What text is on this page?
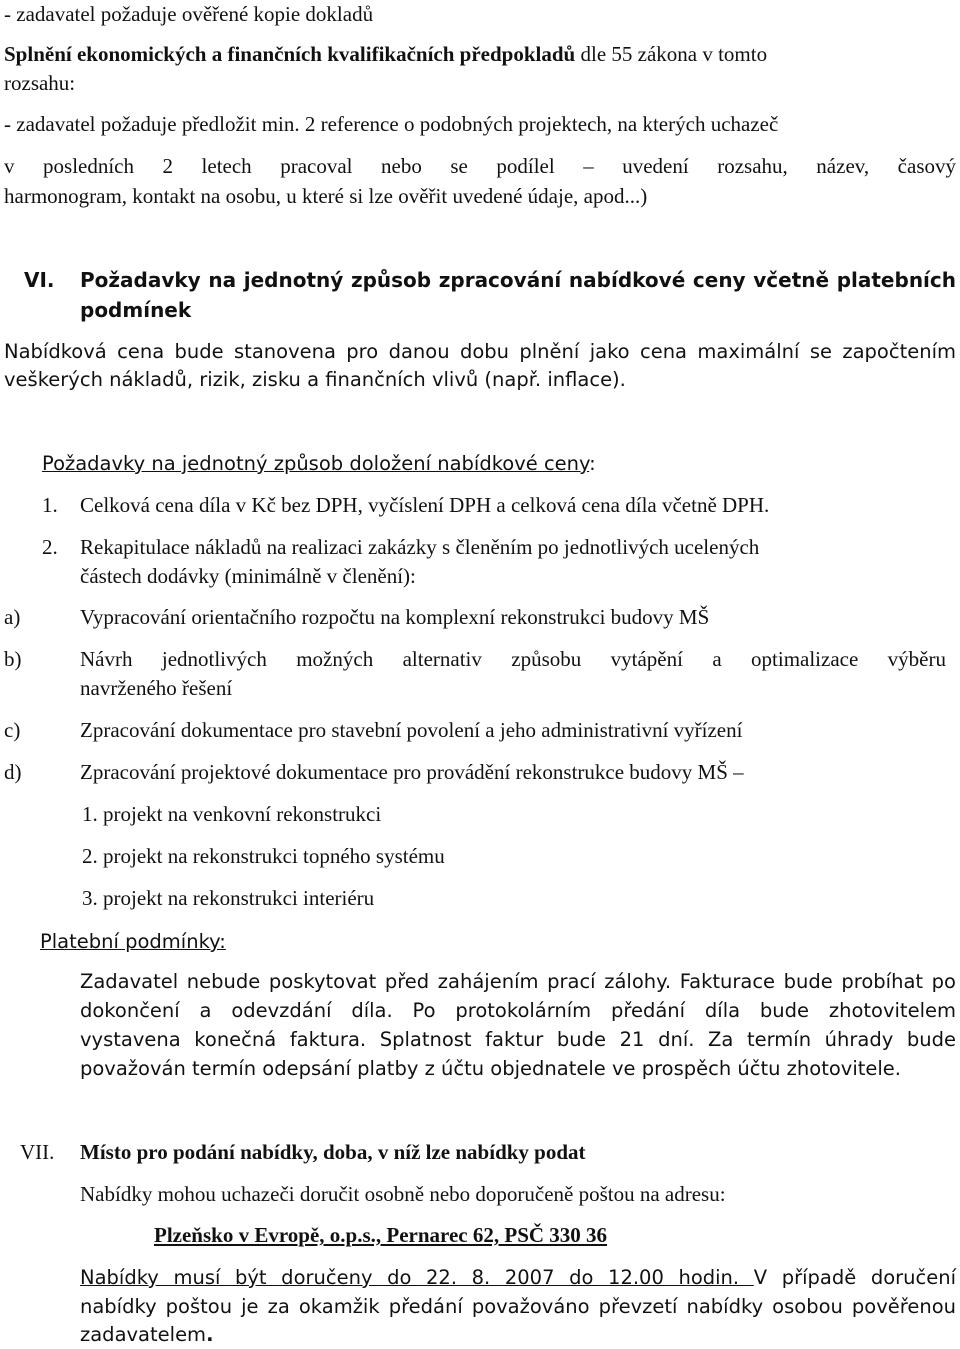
- zadavatel požaduje ověřené kopie dokladů
Splnění ekonomických a finančních kvalifikačních předpokladů dle 55 zákona v tomto
rozsahu:
- zadavatel požaduje předložit min. 2 reference o podobných projektech, na kterých uchazeč
v posledních 2 letech pracoval nebo se podílel – uvedení rozsahu, název, časový
harmonogram, kontakt na osobu, u které si lze ověřit uvedené údaje, apod...)
VI. Požadavky na jednotný způsob zpracování nabídkové ceny včetně platebních
podmínek
Nabídková cena bude stanovena pro danou dobu plnění jako cena maximální se započtením
veškerých nákladů, rizik, zisku a finančních vlivů (např. inflace).
Požadavky na jednotný způsob doložení nabídkové ceny:
1. Celková cena díla v Kč bez DPH, vyčíslení DPH a celková cena díla včetně DPH.
2. Rekapitulace nákladů na realizaci zakázky s členěním po jednotlivých ucelených
částech dodávky (minimálně v členění):
a)	Vypracování orientačního rozpočtu na komplexní rekonstrukci budovy MŠ
b)	Návrh jednotlivých možných alternativ způsobu vytápění a optimalizace výběru
navrženého řešení
c)	Zpracování dokumentace pro stavební povolení a jeho administrativní vyřízení
d)	Zpracování projektové dokumentace pro provádění rekonstrukce budovy MŠ –
1. projekt na venkovní rekonstrukci
2. projekt na rekonstrukci topného systému
3. projekt na rekonstrukci interiéru
Platební podmínky:
Zadavatel nebude poskytovat před zahájením prací zálohy. Fakturace bude probíhat po
dokončení a odevzdání díla. Po protokolárním předání díla bude zhotovitelem
vystavena konečná faktura. Splatnost faktur bude 21 dní. Za termín úhrady bude
považován termín odepsání platby z účtu objednatele ve prospěch účtu zhotovitele.
VII. Místo pro podání nabídky, doba, v níž lze nabídky podat
Nabídky mohou uchazeči doručit osobně nebo doporučeně poštou na adresu:
Plzeňsko v Evropě, o.p.s., Pernarec 62, PSČ 330 36
Nabídky musí být doručeny do 22. 8. 2007 do 12.00 hodin. V případě doručení
nabídky poštou je za okamžik předání považováno převzetí nabídky osobou pověřenou
zadavatelem.
